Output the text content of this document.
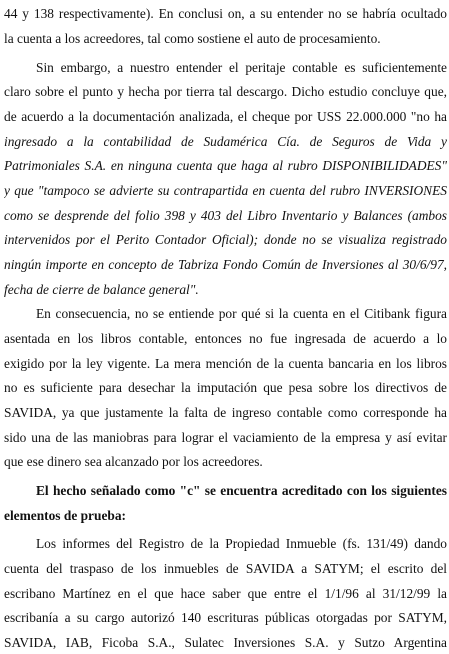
44 y 138 respectivamente). En conclusi on, a su entender no se habría ocultado
la cuenta a los acreedores, tal como sostiene el auto de procesamiento.
Sin embargo, a nuestro entender el peritaje contable es suficientemente
claro sobre el punto y hecha por tierra tal descargo. Dicho estudio concluye que,
de acuerdo a la documentación analizada, el cheque por USS 22.000.000 "no ha
ingresado a la contabilidad de Sudamérica Cía. de Seguros de Vida y
Patrimoniales S.A. en ninguna cuenta que haga al rubro DISPONIBILIDADES"
y que "tampoco se advierte su contrapartida en cuenta del rubro INVERSIONES
como se desprende del folio 398 y 403 del Libro Inventario y Balances (ambos
intervenidos por el Perito Contador Oficial); donde no se visualiza registrado
ningún importe en concepto de Tabriza Fondo Común de Inversiones al 30/6/97,
fecha de cierre de balance general".
En consecuencia, no se entiende por qué si la cuenta en el Citibank figura
asentada en los libros contable, entonces no fue ingresada de acuerdo a lo
exigido por la ley vigente. La mera mención de la cuenta bancaria en los libros
no es suficiente para desechar la imputación que pesa sobre los directivos de
SAVIDA, ya que justamente la falta de ingreso contable como corresponde ha
sido una de las maniobras para lograr el vaciamiento de la empresa y así evitar
que ese dinero sea alcanzado por los acreedores.
El hecho señalado como "c" se encuentra acreditado con los siguientes
elementos de prueba:
Los informes del Registro de la Propiedad Inmueble (fs. 131/49) dando
cuenta del traspaso de los inmuebles de SAVIDA a SATYM; el escrito del
escribano Martínez en el que hace saber que entre el 1/1/96 al 31/12/99 la
escribanía a su cargo autorizó 140 escrituras públicas otorgadas por SATYM,
SAVIDA, IAB, Ficoba S.A., Sulatec Inversiones S.A. y Sutzo Argentina
